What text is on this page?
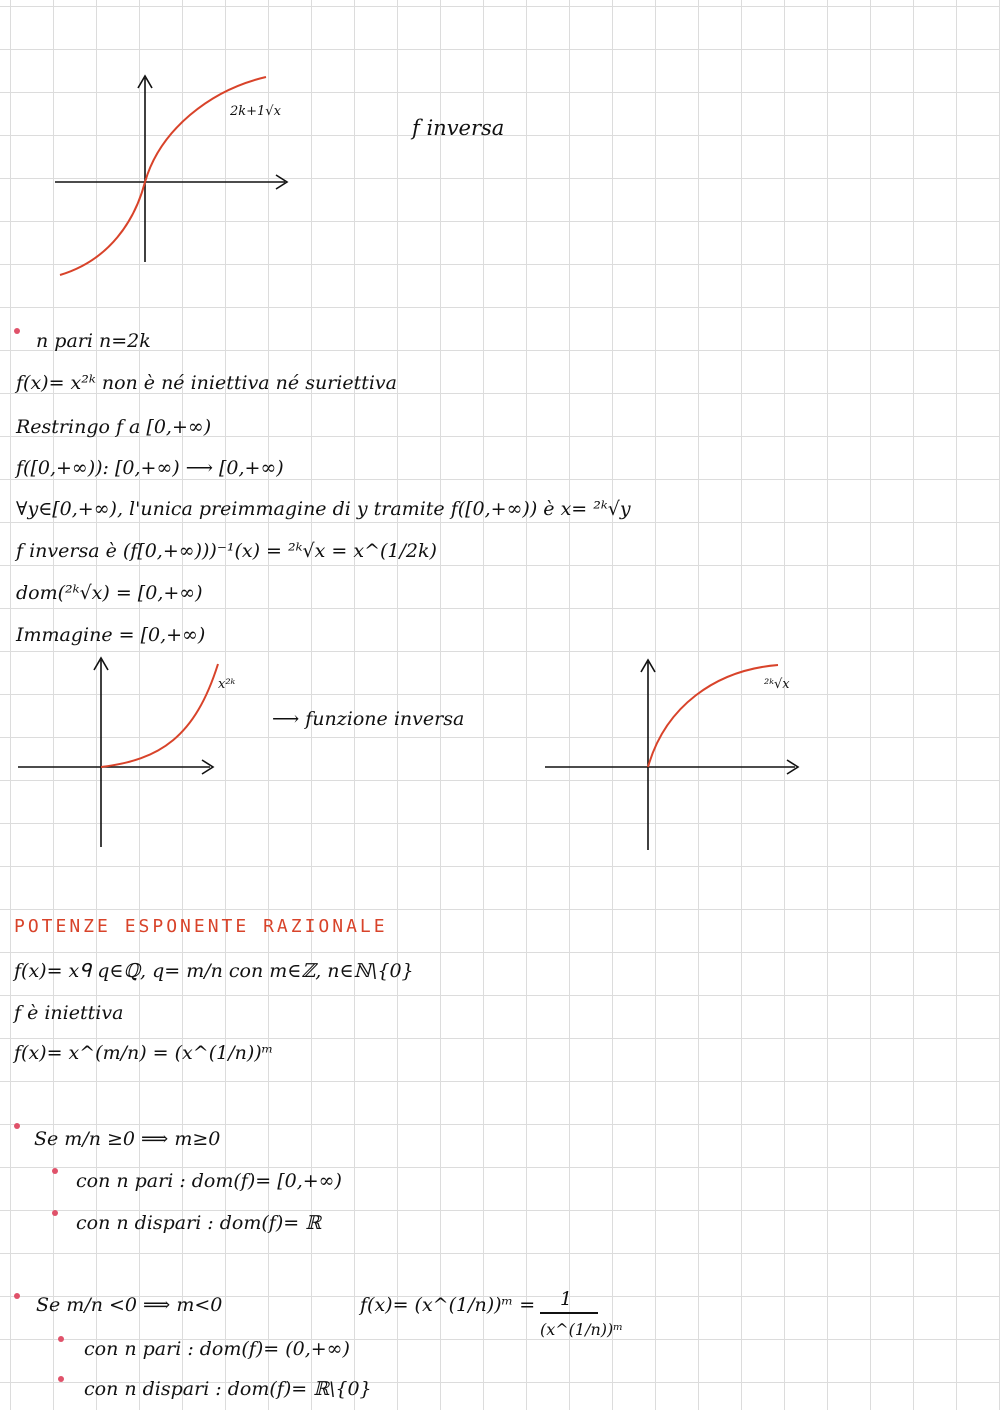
2k+1√x
f inversa
n pari n=2k
f(x)= x²ᵏ non è né iniettiva né suriettiva
Restringo f a [0,+∞)
f([0,+∞)): [0,+∞) ⟶ [0,+∞)
∀y∈[0,+∞), l'unica preimmagine di y tramite f([0,+∞)) è x= ²ᵏ√y
f inversa è (f[0,+∞)))⁻¹(x) = ²ᵏ√x = x^(1/2k)
dom(²ᵏ√x) = [0,+∞)
Immagine = [0,+∞)
x²ᵏ
⟶ funzione inversa
²ᵏ√x
POTENZE ESPONENTE RAZIONALE
f(x)= xᑫ q∈ℚ, q= m/n con m∈ℤ, n∈ℕ\{0}
f è iniettiva
f(x)= x^(m/n) = (x^(1/n))ᵐ
Se m/n ≥0 ⟹ m≥0
con n pari : dom(f)= [0,+∞)
con n dispari : dom(f)= ℝ
Se m/n <0 ⟹ m<0	f(x)= (x^(1/n))ᵐ = 1
(x^(1/n))ᵐ
con n pari : dom(f)= (0,+∞)
con n dispari : dom(f)= ℝ\{0}
